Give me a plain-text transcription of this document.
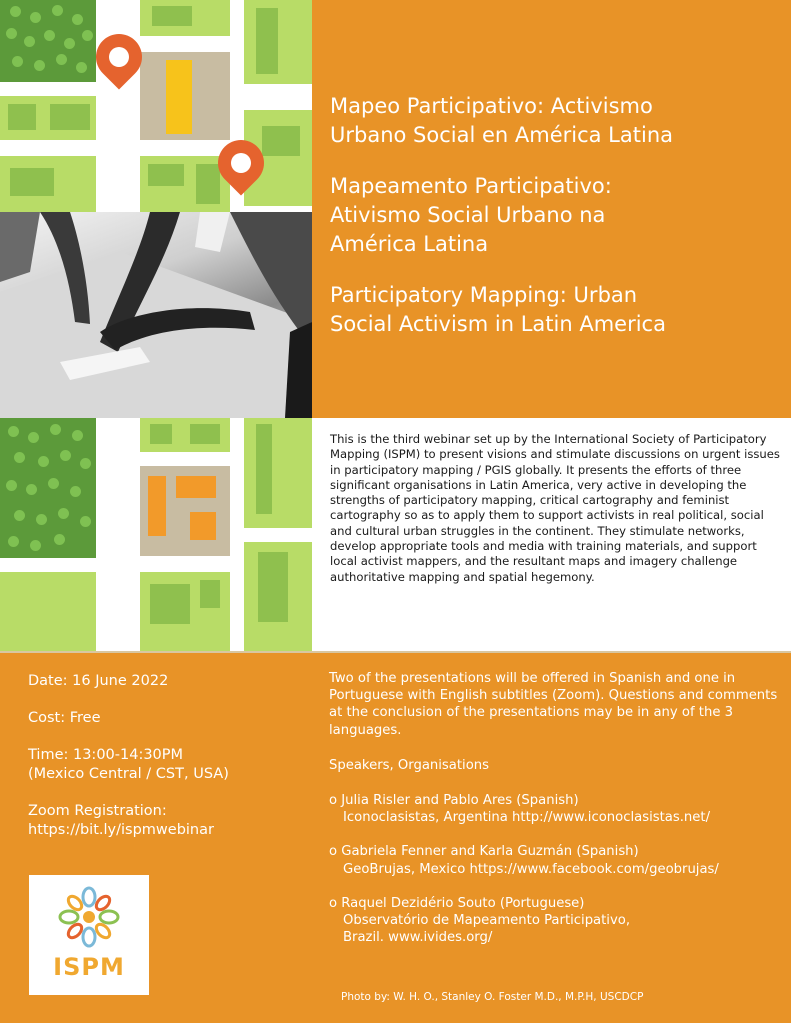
Mapeo Participativo: Activismo
Urbano Social en América Latina

Mapeamento Participativo:
Ativismo Social Urbano na
América Latina

Participatory Mapping: Urban
Social Activism in Latin America

This is the third webinar set up by the International Society of Participatory Mapping (ISPM) to present visions and stimulate discussions on urgent issues in participatory mapping / PGIS globally. It presents the efforts of three significant organisations in Latin America, very active in developing the strengths of participatory mapping, critical cartography and feminist cartography so as to apply them to support activists in real political, social and cultural urban struggles in the continent. They stimulate networks, develop appropriate tools and media with training materials, and support local activist mappers, and the resultant maps and imagery challenge authoritative mapping and spatial hegemony.

Date: 16 June 2022
Cost: Free
Time: 13:00-14:30PM
(Mexico Central / CST, USA)
Zoom Registration:
https://bit.ly/ispmwebinar

Two of the presentations will be offered in Spanish and one in Portuguese with English subtitles (Zoom). Questions and comments at the conclusion of the presentations may be in any of the 3 languages.

Speakers, Organisations

o Julia Risler and Pablo Ares (Spanish)
Iconoclasistas, Argentina http://www.iconoclasistas.net/
o Gabriela Fenner and Karla Guzmán (Spanish)
GeoBrujas, Mexico https://www.facebook.com/geobrujas/
o Raquel Dezidério Souto (Portuguese)
Observatório de Mapeamento Participativo,
Brazil. www.ivides.org/
ISPM

Photo by: W. H. O., Stanley O. Foster M.D., M.P.H, USCDCP
